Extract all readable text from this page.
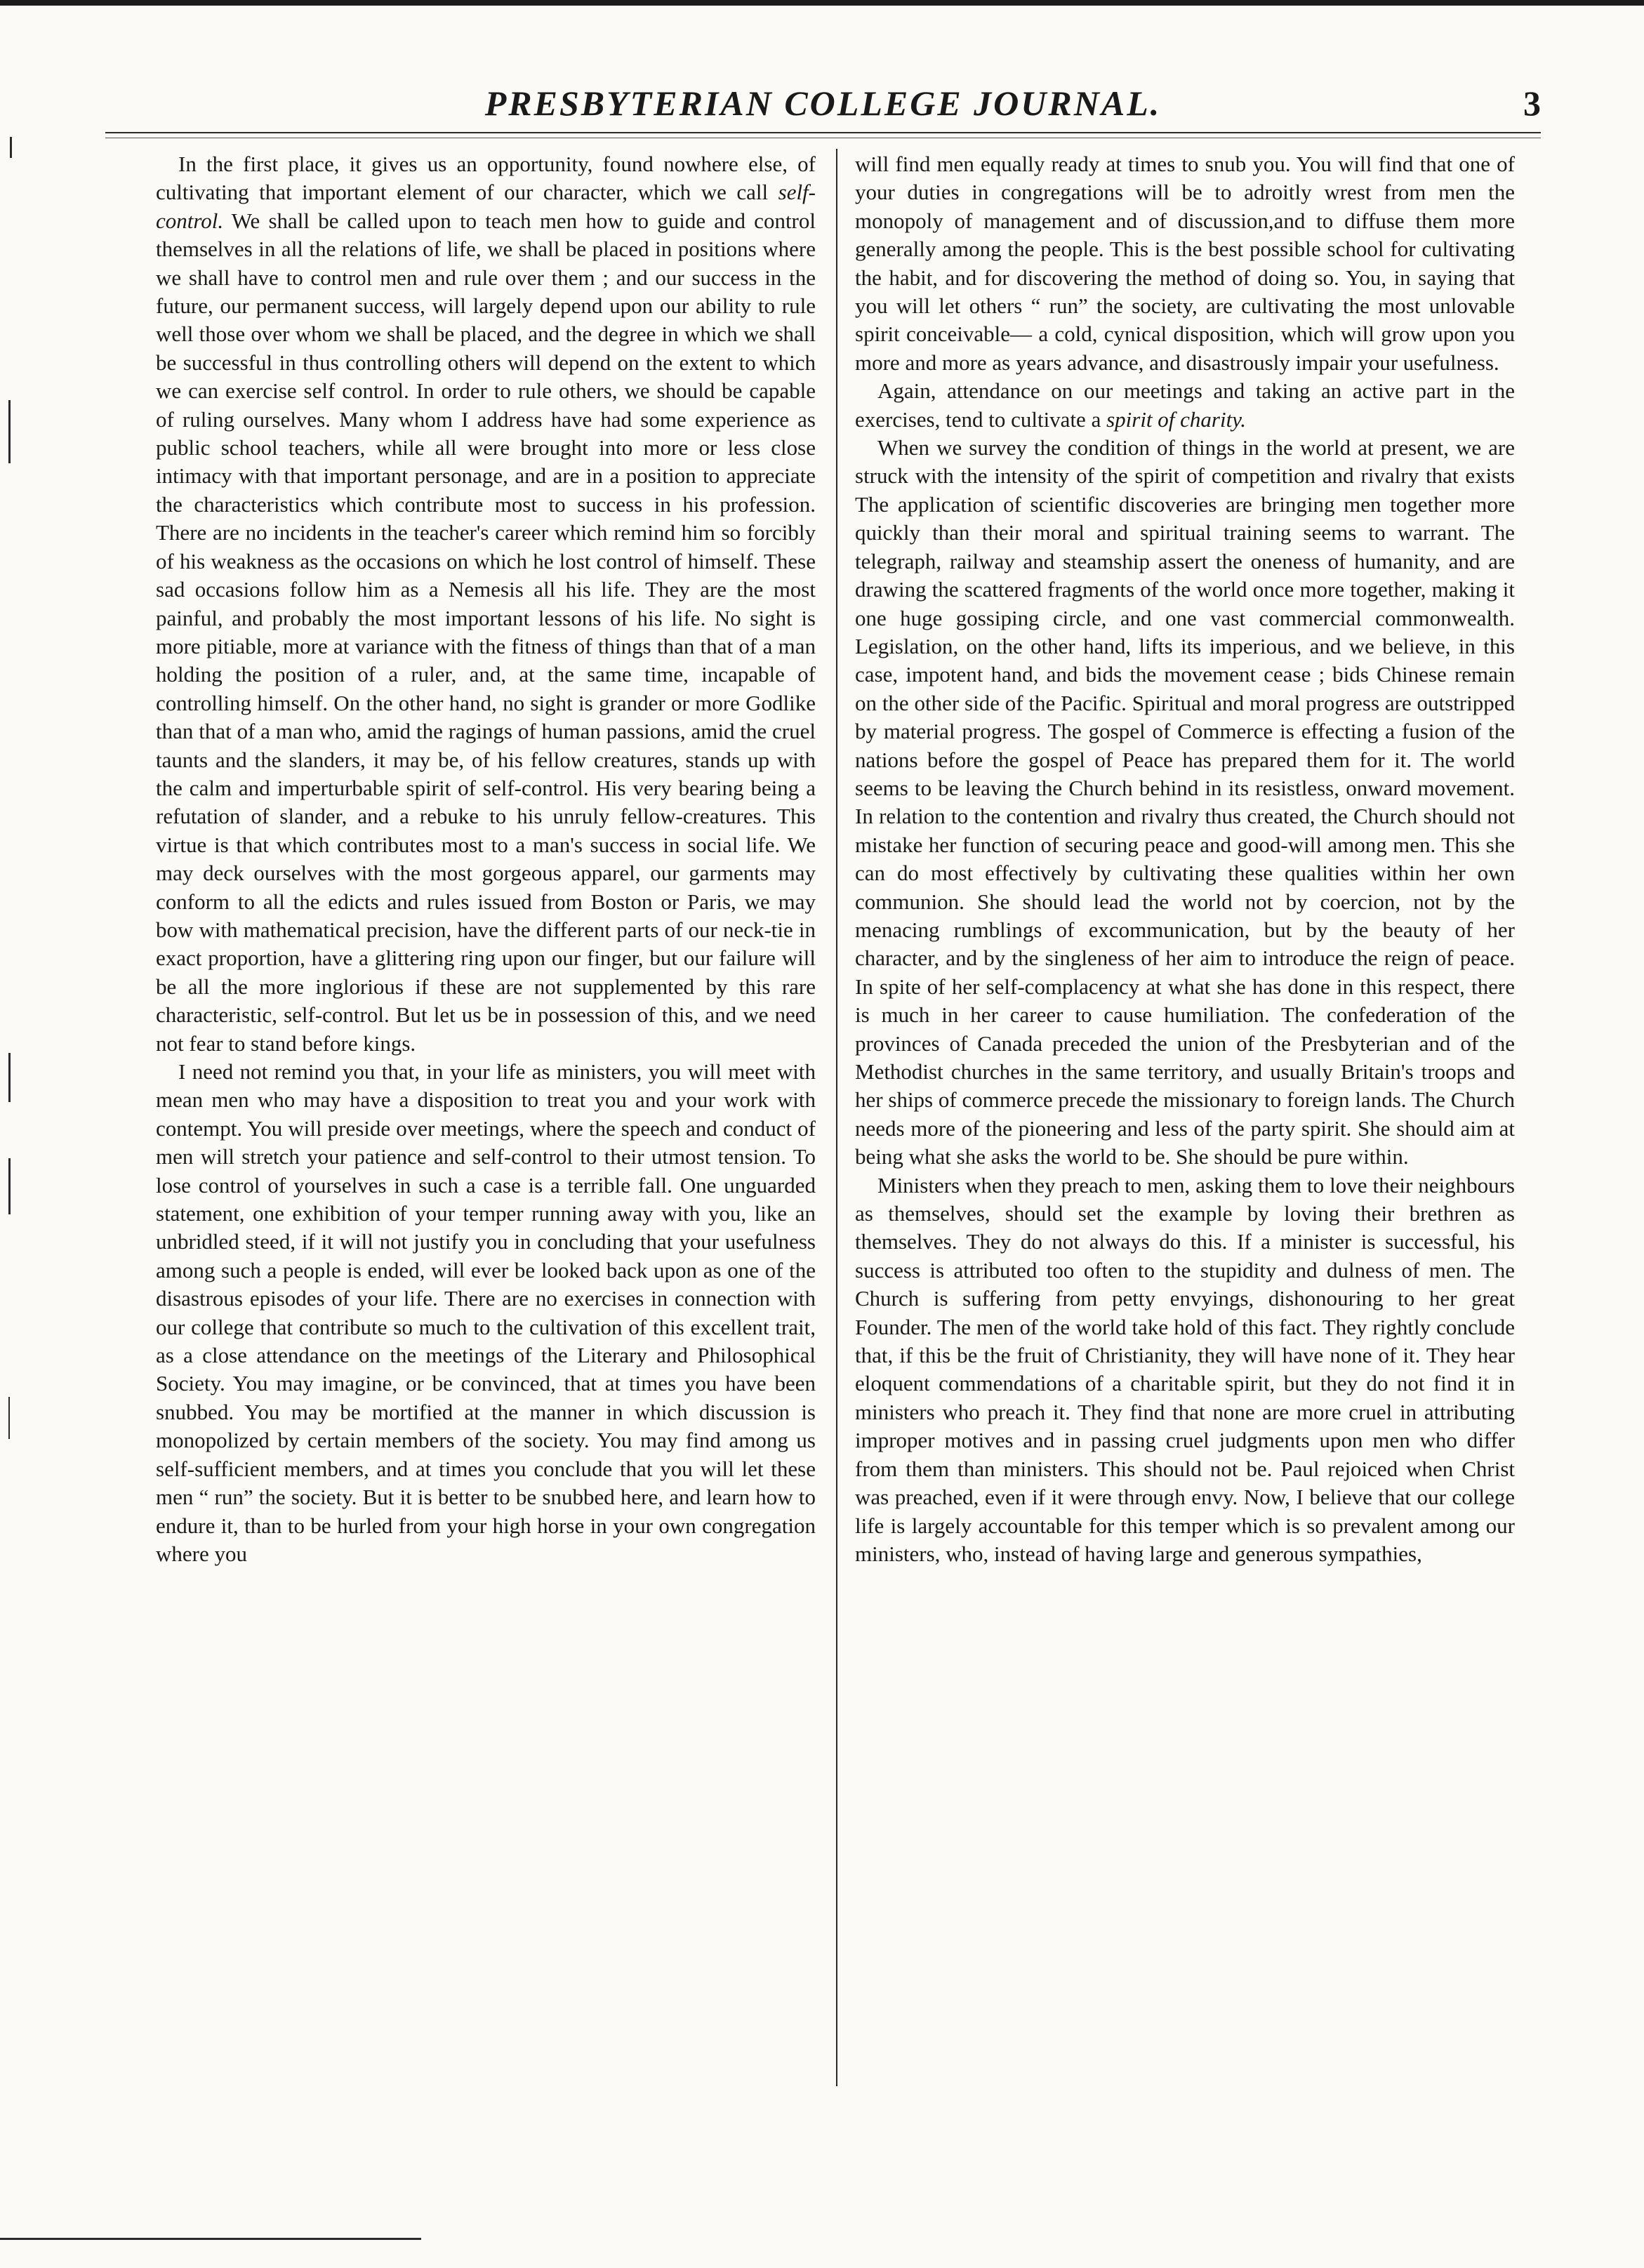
PRESBYTERIAN COLLEGE JOURNAL.	3

In the first place, it gives us an opportunity, found nowhere else, of cultivating that important element of our character, which we call self-control. We shall be called upon to teach men how to guide and control themselves in all the relations of life, we shall be placed in positions where we shall have to control men and rule over them ; and our success in the future, our permanent success, will largely depend upon our ability to rule well those over whom we shall be placed, and the degree in which we shall be successful in thus controlling others will depend on the extent to which we can exercise self control. In order to rule others, we should be capable of ruling ourselves. Many whom I address have had some experience as public school teachers, while all were brought into more or less close intimacy with that important personage, and are in a position to appreciate the characteristics which contribute most to success in his profession. There are no incidents in the teacher's career which remind him so forcibly of his weakness as the occasions on which he lost control of himself. These sad occasions follow him as a Nemesis all his life. They are the most painful, and probably the most important lessons of his life. No sight is more pitiable, more at variance with the fitness of things than that of a man holding the position of a ruler, and, at the same time, incapable of controlling himself. On the other hand, no sight is grander or more Godlike than that of a man who, amid the ragings of human passions, amid the cruel taunts and the slanders, it may be, of his fellow creatures, stands up with the calm and imperturbable spirit of self-control. His very bearing being a refutation of slander, and a rebuke to his unruly fellow-creatures. This virtue is that which contributes most to a man's success in social life. We may deck ourselves with the most gorgeous apparel, our garments may conform to all the edicts and rules issued from Boston or Paris, we may bow with mathematical precision, have the different parts of our neck-tie in exact proportion, have a glittering ring upon our finger, but our failure will be all the more inglorious if these are not supplemented by this rare characteristic, self-control. But let us be in possession of this, and we need not fear to stand before kings.

I need not remind you that, in your life as ministers, you will meet with mean men who may have a disposition to treat you and your work with contempt. You will preside over meetings, where the speech and conduct of men will stretch your patience and self-control to their utmost tension. To lose control of yourselves in such a case is a terrible fall. One unguarded statement, one exhibition of your temper running away with you, like an unbridled steed, if it will not justify you in concluding that your usefulness among such a people is ended, will ever be looked back upon as one of the disastrous episodes of your life. There are no exercises in connection with our college that contribute so much to the cultivation of this excellent trait, as a close attendance on the meetings of the Literary and Philosophical Society. You may imagine, or be convinced, that at times you have been snubbed. You may be mortified at the manner in which discussion is monopolized by certain members of the society. You may find among us self-sufficient members, and at times you conclude that you will let these men “ run” the society. But it is better to be snubbed here, and learn how to endure it, than to be hurled from your high horse in your own congregation where you

will find men equally ready at times to snub you. You will find that one of your duties in congregations will be to adroitly wrest from men the monopoly of management and of discussion,and to diffuse them more generally among the people. This is the best possible school for cultivating the habit, and for discovering the method of doing so. You, in saying that you will let others “ run” the society, are cultivating the most unlovable spirit conceivable— a cold, cynical disposition, which will grow upon you more and more as years advance, and disastrously impair your usefulness.

Again, attendance on our meetings and taking an active part in the exercises, tend to cultivate a spirit of charity.

When we survey the condition of things in the world at present, we are struck with the intensity of the spirit of competition and rivalry that exists The application of scientific discoveries are bringing men together more quickly than their moral and spiritual training seems to warrant. The telegraph, railway and steamship assert the oneness of humanity, and are drawing the scattered fragments of the world once more together, making it one huge gossiping circle, and one vast commercial commonwealth. Legislation, on the other hand, lifts its imperious, and we believe, in this case, impotent hand, and bids the movement cease ; bids Chinese remain on the other side of the Pacific. Spiritual and moral progress are outstripped by material progress. The gospel of Commerce is effecting a fusion of the nations before the gospel of Peace has prepared them for it. The world seems to be leaving the Church behind in its resistless, onward movement. In relation to the contention and rivalry thus created, the Church should not mistake her function of securing peace and good-will among men. This she can do most effectively by cultivating these qualities within her own communion. She should lead the world not by coercion, not by the menacing rumblings of excommunication, but by the beauty of her character, and by the singleness of her aim to introduce the reign of peace. In spite of her self-complacency at what she has done in this respect, there is much in her career to cause humiliation. The confederation of the provinces of Canada preceded the union of the Presbyterian and of the Methodist churches in the same territory, and usually Britain's troops and her ships of commerce precede the missionary to foreign lands. The Church needs more of the pioneering and less of the party spirit. She should aim at being what she asks the world to be. She should be pure within.

Ministers when they preach to men, asking them to love their neighbours as themselves, should set the example by loving their brethren as themselves. They do not always do this. If a minister is successful, his success is attributed too often to the stupidity and dulness of men. The Church is suffering from petty envyings, dishonouring to her great Founder. The men of the world take hold of this fact. They rightly conclude that, if this be the fruit of Christianity, they will have none of it. They hear eloquent commendations of a charitable spirit, but they do not find it in ministers who preach it. They find that none are more cruel in attributing improper motives and in passing cruel judgments upon men who differ from them than ministers. This should not be. Paul rejoiced when Christ was preached, even if it were through envy. Now, I believe that our college life is largely accountable for this temper which is so prevalent among our ministers, who, instead of having large and generous sympathies,
